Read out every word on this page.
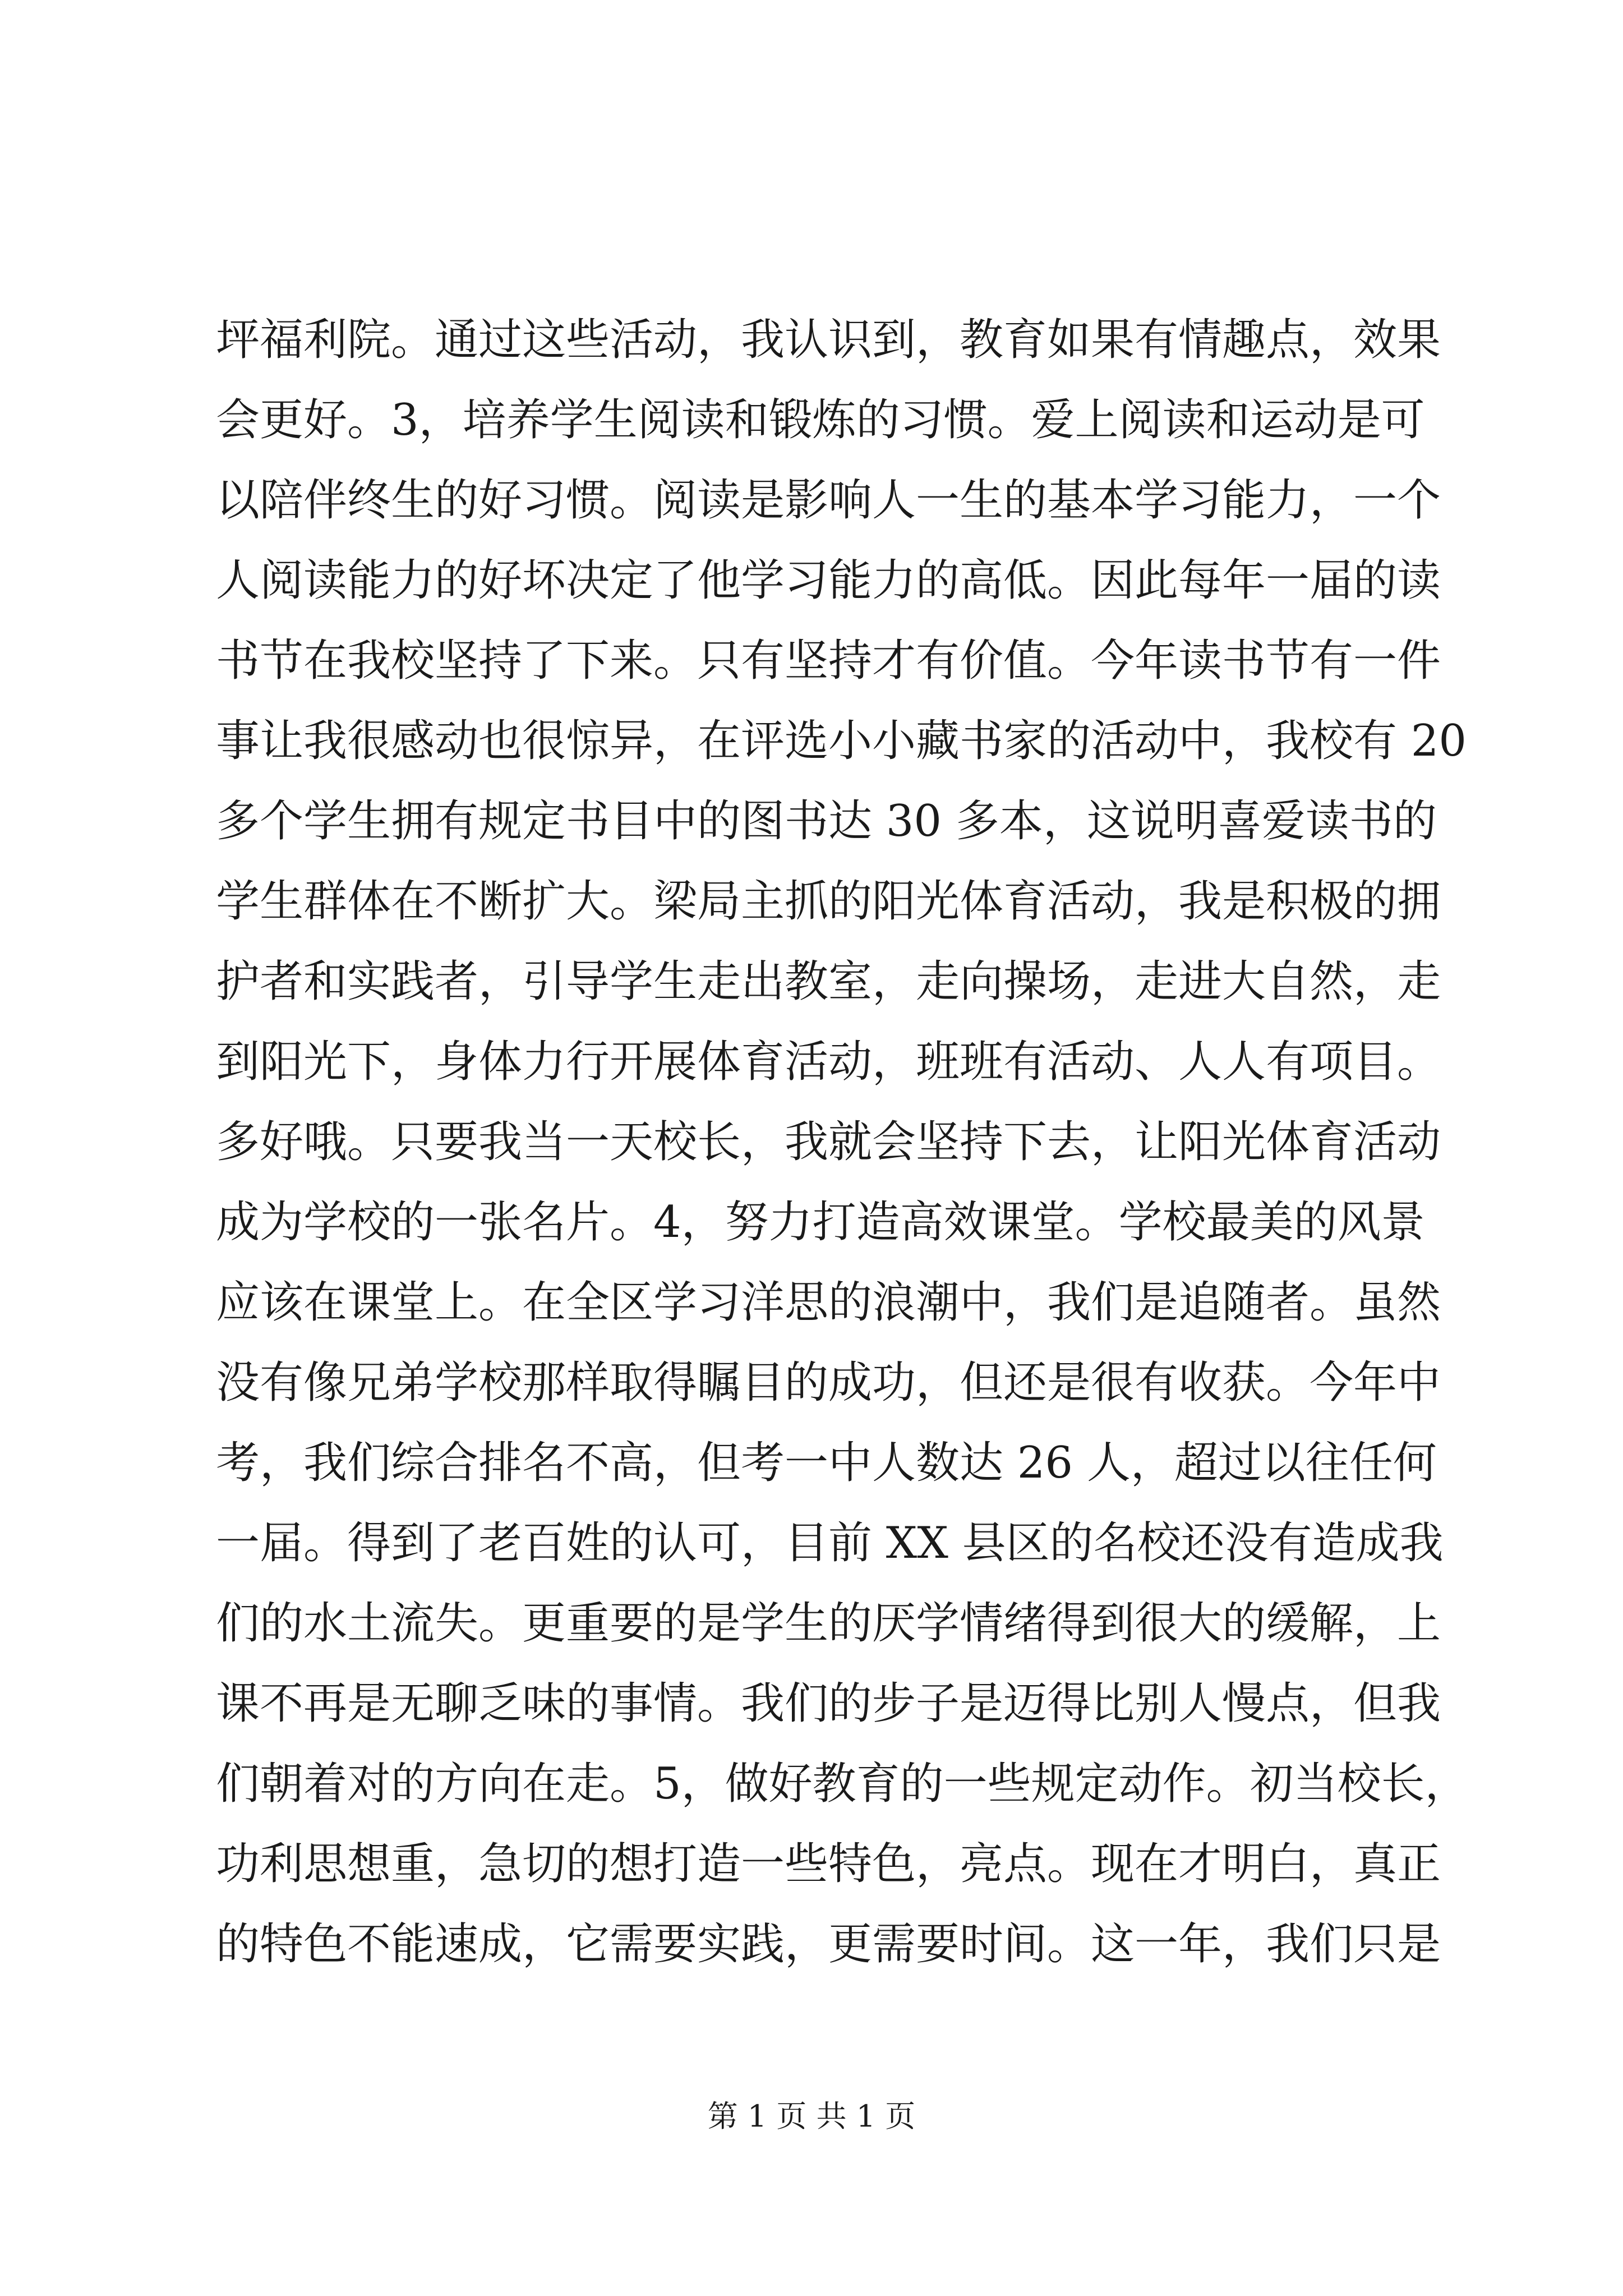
坪福利院。通过这些活动，我认识到，教育如果有情趣点，效果
会更好。3，培养学生阅读和锻炼的习惯。爱上阅读和运动是可
以陪伴终生的好习惯。阅读是影响人一生的基本学习能力，一个
人阅读能力的好坏决定了他学习能力的高低。因此每年一届的读
书节在我校坚持了下来。只有坚持才有价值。今年读书节有一件
事让我很感动也很惊异，在评选小小藏书家的活动中，我校有 20
多个学生拥有规定书目中的图书达 30 多本，这说明喜爱读书的
学生群体在不断扩大。梁局主抓的阳光体育活动，我是积极的拥
护者和实践者，引导学生走出教室，走向操场，走进大自然，走
到阳光下，身体力行开展体育活动，班班有活动、人人有项目。
多好哦。只要我当一天校长，我就会坚持下去，让阳光体育活动
成为学校的一张名片。4，努力打造高效课堂。学校最美的风景
应该在课堂上。在全区学习洋思的浪潮中，我们是追随者。虽然
没有像兄弟学校那样取得瞩目的成功，但还是很有收获。今年中
考，我们综合排名不高，但考一中人数达 26 人，超过以往任何
一届。得到了老百姓的认可，目前 XX 县区的名校还没有造成我
们的水土流失。更重要的是学生的厌学情绪得到很大的缓解，上
课不再是无聊乏味的事情。我们的步子是迈得比别人慢点，但我
们朝着对的方向在走。5，做好教育的一些规定动作。初当校长，
功利思想重，急切的想打造一些特色，亮点。现在才明白，真正
的特色不能速成，它需要实践，更需要时间。这一年，我们只是
第 1 页 共 1 页
